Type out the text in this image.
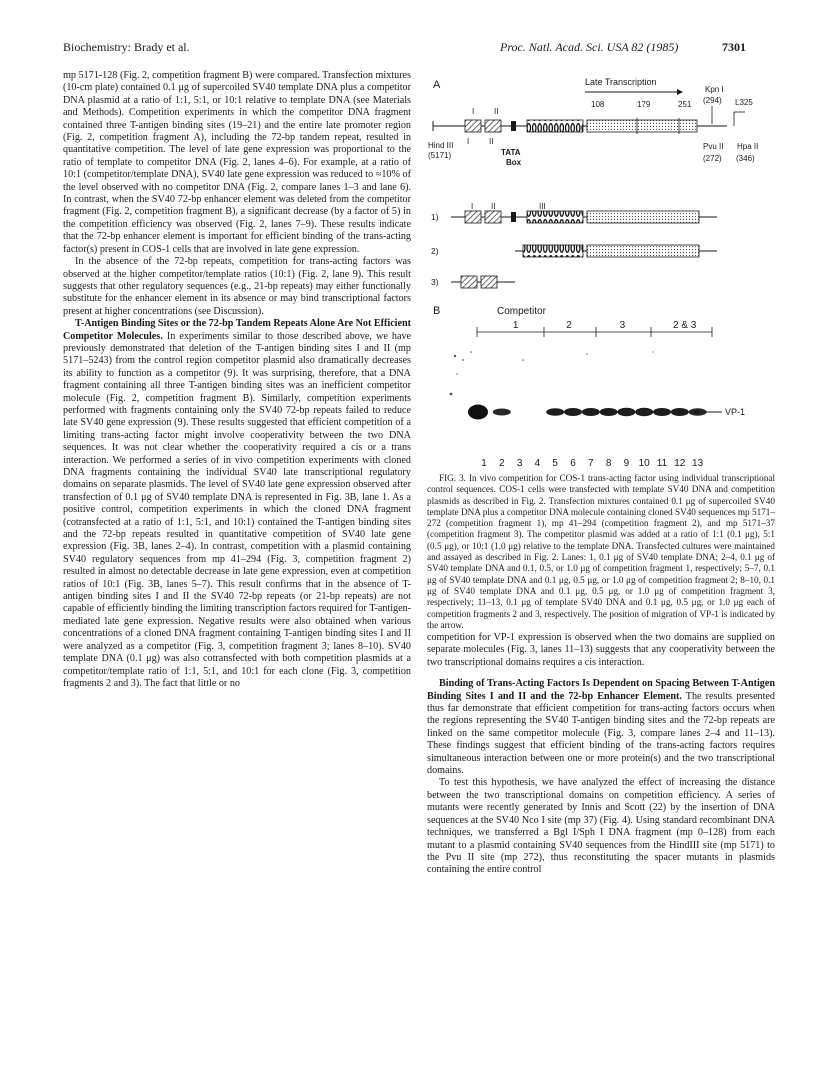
Biochemistry: Brady et al.	Proc. Natl. Acad. Sci. USA 82 (1985)	7301

mp 5171-128 (Fig. 2, competition fragment B) were compared. Transfection mixtures (10-cm plate) contained 0.1 μg of supercoiled SV40 template DNA plus a competitor DNA plasmid at a ratio of 1:1, 5:1, or 10:1 relative to template DNA (see Materials and Methods). Competition experiments in which the competitor DNA fragment contained three T-antigen binding sites (19–21) and the entire late promoter region (Fig. 2, competition fragment A), including the 72-bp tandem repeat, resulted in quantitative competition. The level of late gene expression was proportional to the ratio of template to competitor DNA (Fig. 2, lanes 4–6). For example, at a ratio of 10:1 (competitor/template DNA), SV40 late gene expression was reduced to ≈10% of the level observed with no competitor DNA (Fig. 2, compare lanes 1–3 and lane 6). In contrast, when the SV40 72-bp enhancer element was deleted from the competitor fragment (Fig. 2, competition fragment B), a significant decrease (by a factor of 5) in the competition efficiency was observed (Fig. 2, lanes 7–9). These results indicate that the 72-bp enhancer element is important for efficient binding of the trans-acting factor(s) present in COS-1 cells that are involved in late gene expression.

In the absence of the 72-bp repeats, competition for trans-acting factors was observed at the higher competitor/template ratios (10:1) (Fig. 2, lane 9). This result suggests that other regulatory sequences (e.g., 21-bp repeats) may either functionally substitute for the enhancer element in its absence or may bind transcriptional factors present at higher concentrations (see Discussion).

T-Antigen Binding Sites or the 72-bp Tandem Repeats Alone Are Not Efficient Competitor Molecules. In experiments similar to those described above, we have previously demonstrated that deletion of the T-antigen binding sites I and II (mp 5171–5243) from the control region competitor plasmid also dramatically decreases its ability to function as a competitor (9). It was surprising, therefore, that a DNA fragment containing all three T-antigen binding sites was an inefficient competitor molecule (Fig. 2, competition fragment B). Similarly, competition experiments performed with fragments containing only the SV40 72-bp repeats failed to reduce late SV40 gene expression (9). These results suggested that efficient competition of a limiting trans-acting factor might involve cooperativity between the two DNA sequences. It was not clear whether the cooperativity required a cis or a trans interaction. We performed a series of in vivo competition experiments with cloned DNA fragments containing the individual SV40 late transcriptional regulatory domains on separate plasmids. The level of SV40 late gene expression observed after transfection of 0.1 μg of SV40 template DNA is represented in Fig. 3B, lane 1. As a positive control, competition experiments in which the cloned DNA fragment (cotransfected at a ratio of 1:1, 5:1, and 10:1) contained the T-antigen binding sites and the 72-bp repeats resulted in quantitative competition of SV40 late gene expression (Fig. 3B, lanes 2–4). In contrast, competition with a plasmid containing SV40 regulatory sequences from mp 41–294 (Fig. 3, competition fragment 2) resulted in almost no detectable decrease in late gene expression, even at competition ratios of 10:1 (Fig. 3B, lanes 5–7). This result confirms that in the absence of T-antigen binding sites I and II the SV40 72-bp repeats (or 21-bp repeats) are not capable of efficiently binding the limiting transcription factors required for T-antigen-mediated late gene expression. Negative results were also obtained when various concentrations of a cloned DNA fragment containing T-antigen binding sites I and II were analyzed as a competitor (Fig. 3, competition fragment 3; lanes 8–10). SV40 template DNA (0.1 μg) was also cotransfected with both competition plasmids at a competitor/template ratio of 1:1, 5:1, and 10:1 for each clone (Fig. 3, competition fragments 2 and 3). The fact that little or no

A	Late Transcription
Kpn I
(294) L325
108	179	251
I II
Hind III
(5171)
I II
TATA
Box
Pvu II
(272)
Hpa II
(346)
1)
I II	III
2)
3)
B	Competitor
1	2	3	2 & 3
VP-1
1 2 3 4 5 6 7 8 9 10 11 12 13

FIG. 3. In vivo competition for COS-1 trans-acting factor using individual transcriptional control sequences. COS-1 cells were transfected with template SV40 DNA and competition plasmids as described in Fig. 2. Transfection mixtures contained 0.1 μg of supercoiled SV40 template DNA plus a competitor DNA molecule containing cloned SV40 sequences mp 5171–272 (competition fragment 1), mp 41–294 (competition fragment 2), and mp 5171–37 (competition fragment 3). The competitor plasmid was added at a ratio of 1:1 (0.1 μg), 5:1 (0.5 μg), or 10:1 (1.0 μg) relative to the template DNA. Transfected cultures were maintained and assayed as described in Fig. 2. Lanes: 1, 0.1 μg of SV40 template DNA; 2–4, 0.1 μg of SV40 template DNA and 0.1, 0.5, or 1.0 μg of competition fragment 1, respectively; 5–7, 0.1 μg of SV40 template DNA and 0.1 μg, 0.5 μg, or 1.0 μg of competition fragment 2; 8–10, 0.1 μg of SV40 template DNA and 0.1 μg, 0.5 μg, or 1.0 μg of competition fragment 3, respectively; 11–13, 0.1 μg of template SV40 DNA and 0.1 μg, 0.5 μg, or 1.0 μg each of competition fragments 2 and 3, respectively. The position of migration of VP-1 is indicated by the arrow.

competition for VP-1 expression is observed when the two domains are supplied on separate molecules (Fig. 3, lanes 11–13) suggests that any cooperativity between the two transcriptional domains requires a cis interaction.

Binding of Trans-Acting Factors Is Dependent on Spacing Between T-Antigen Binding Sites I and II and the 72-bp Enhancer Element. The results presented thus far demonstrate that efficient competition for trans-acting factors occurs when the regions representing the SV40 T-antigen binding sites and the 72-bp repeats are linked on the same competitor molecule (Fig. 3, compare lanes 2–4 and 11–13). These findings suggest that efficient binding of the trans-acting factors requires simultaneous interaction between one or more protein(s) and the two transcriptional domains.

To test this hypothesis, we have analyzed the effect of increasing the distance between the two transcriptional domains on competition efficiency. A series of mutants were recently generated by Innis and Scott (22) by the insertion of DNA sequences at the SV40 Nco I site (mp 37) (Fig. 4). Using standard recombinant DNA techniques, we transferred a Bgl I/Sph I DNA fragment (mp 0–128) from each mutant to a plasmid containing SV40 sequences from the HindIII site (mp 5171) to the Pvu II site (mp 272), thus reconstituting the spacer mutants in plasmids containing the entire control
